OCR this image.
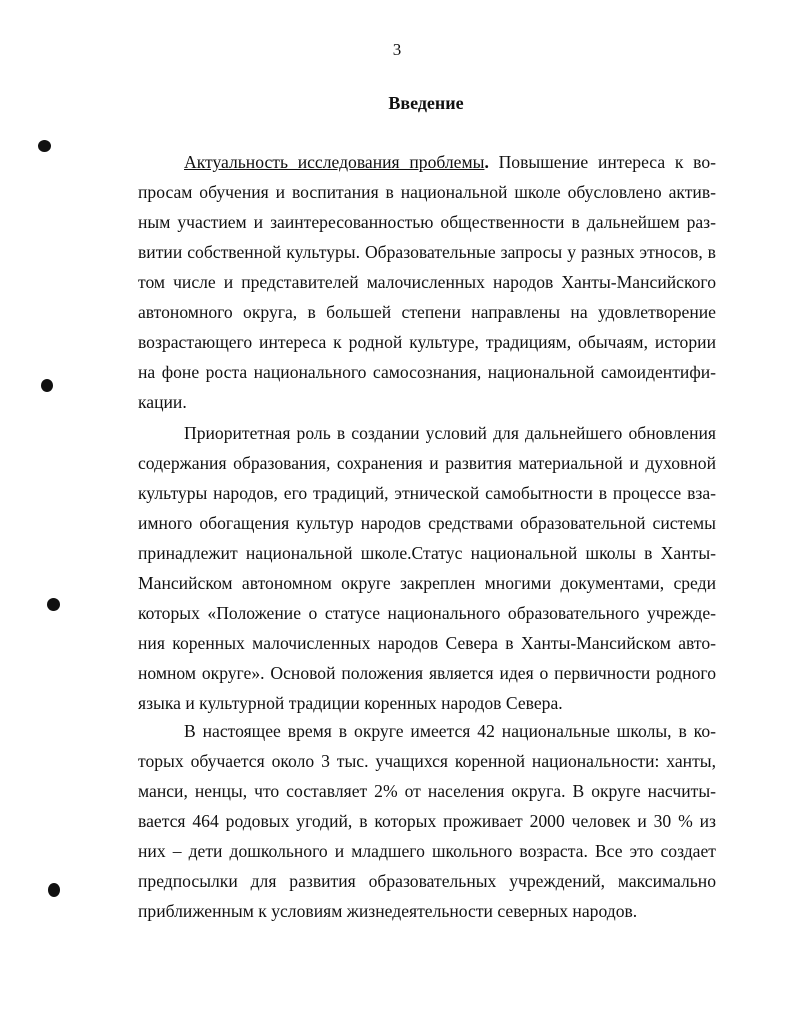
3
Введение

Актуальность исследования проблемы. Повышение интереса к вопросам обучения и воспитания в национальной школе обусловлено активным участием и заинтересованностью общественности в дальнейшем развитии собственной культуры. Образовательные запросы у разных этносов, в том числе и представителей малочисленных народов Ханты-Мансийского автономного округа, в большей степени направлены на удовлетворение возрастающего интереса к родной культуре, традициям, обычаям, истории на фоне роста национального самосознания, национальной самоидентификации.

Приоритетная роль в создании условий для дальнейшего обновления содержания образования, сохранения и развития материальной и духовной культуры народов, его традиций, этнической самобытности в процессе взаимного обогащения культур народов средствами образовательной системы принадлежит национальной школе.Статус национальной школы в Ханты-Мансийском автономном округе закреплен многими документами, среди которых «Положение о статусе национального образовательного учреждения коренных малочисленных народов Севера в Ханты-Мансийском автономном округе». Основой положения является идея о первичности родного языка и культурной традиции коренных народов Севера.

В настоящее время в округе имеется 42 национальные школы, в которых обучается около 3 тыс. учащихся коренной национальности: ханты, манси, ненцы, что составляет 2% от населения округа. В округе насчитывается 464 родовых угодий, в которых проживает 2000 человек и 30 % из них – дети дошкольного и младшего школьного возраста. Все это создает предпосылки для развития образовательных учреждений, максимально приближенным к условиям жизнедеятельности северных народов.
